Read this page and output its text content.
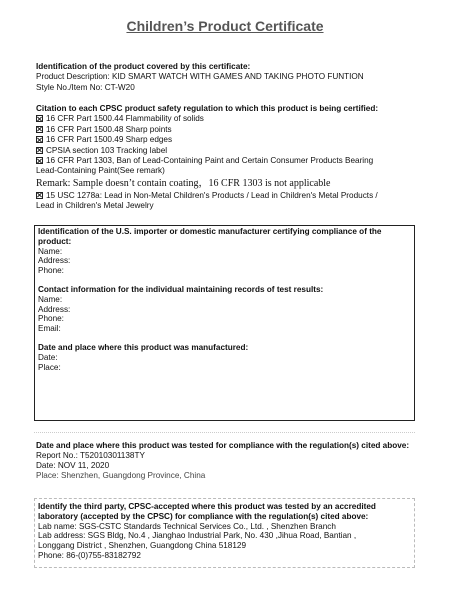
Children’s Product Certificate
Identification of the product covered by this certificate:
Product Description: KID SMART WATCH WITH GAMES AND TAKING PHOTO FUNTION
Style No./Item No: CT-W20
Citation to each CPSC product safety regulation to which this product is being certified:
16 CFR Part 1500.44 Flammability of solids
16 CFR Part 1500.48 Sharp points
16 CFR Part 1500.49 Sharp edges
CPSIA section 103 Tracking label
16 CFR Part 1303, Ban of Lead-Containing Paint and Certain Consumer Products Bearing
Lead-Containing Paint(See remark)
Remark: Sample doesn’t contain coating，16 CFR 1303 is not applicable
15 USC 1278a: Lead in Non-Metal Children's Products / Lead in Children's Metal Products /
Lead in Children's Metal Jewelry
Identification of the U.S. importer or domestic manufacturer certifying compliance of the product:
Name:
Address:
Phone:
Contact information for the individual maintaining records of test results:
Name:
Address:
Phone:
Email:
Date and place where this product was manufactured:
Date:
Place:
Date and place where this product was tested for compliance with the regulation(s) cited above:
Report No.: T52010301138TY
Date: NOV 11, 2020
Place: Shenzhen, Guangdong Province, China
Identify the third party, CPSC-accepted where this product was tested by an accredited laboratory (accepted by the CPSC) for compliance with the regulation(s) cited above:
Lab name: SGS-CSTC Standards Technical Services Co., Ltd. , Shenzhen Branch
Lab address: SGS Bldg, No.4 , Jianghao Industrial Park, No. 430 ,Jihua Road, Bantian ,
Longgang District , Shenzhen, Guangdong China 518129
Phone: 86-(0)755-83182792
